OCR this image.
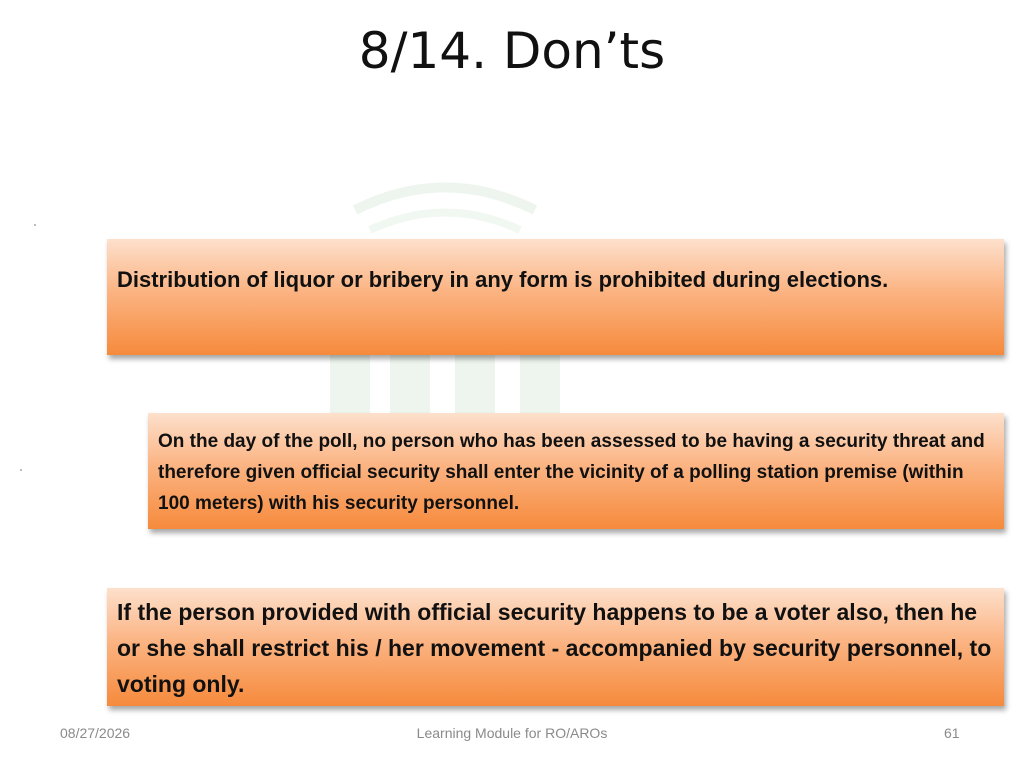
8/14. Don’ts
Distribution of liquor or bribery in any form is prohibited during elections.
On the day of the poll, no person who has been assessed to be having a security threat and therefore given official security shall enter the vicinity of a polling station premise (within 100 meters) with his security personnel.
If the person provided with official security happens to be a voter also, then he or she shall restrict his / her movement - accompanied by security personnel, to voting only.
08/27/2026	Learning Module for RO/AROs	61
